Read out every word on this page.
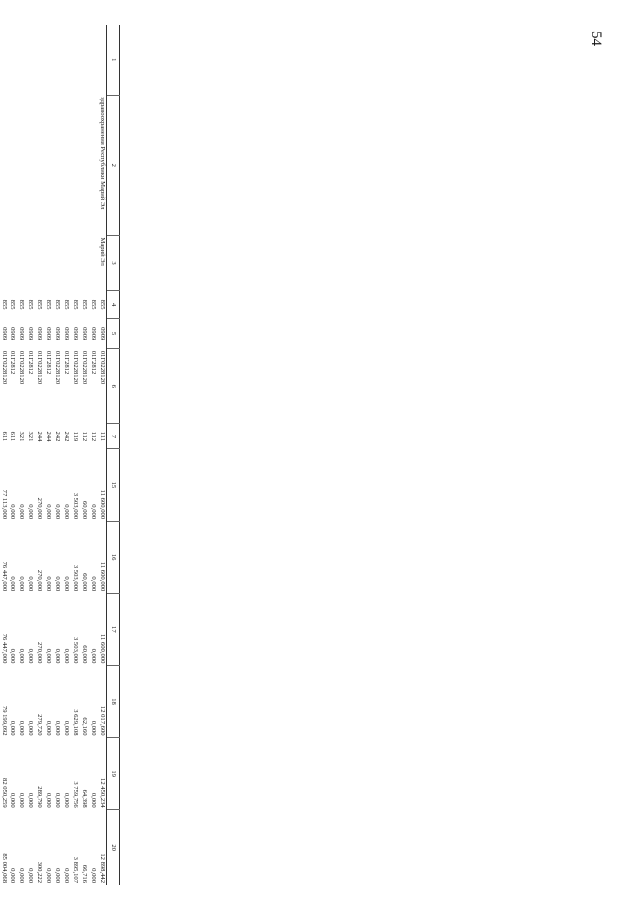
54
1	2	3	4	5	6	7	15	16	17	18	19	20
	здравоохранения Республики Марий Эл	Марий Эл	855	0909	01Г0228120	111	11 600,000	11 600,000	11 600,000	12 017,600	12 450,234	12 898,442
			855	0909	01Г2812	112	0,000	0,000	0,000	0,000	0,000	0,000
			855	0909	01Г0228120	112	60,000	60,000	60,000	62,160	64,398	66,716
			855	0909	01Г0228120	119	3 503,000	3 503,000	3 503,000	3 629,108	3 759,756	3 895,107
			855	0909	01Г2812	242	0,000	0,000	0,000	0,000	0,000	0,000
			855	0909	01Г0228120	242	0,000	0,000	0,000	0,000	0,000	0,000
			855	0909	01Г2812	244	0,000	0,000	0,000	0,000	0,000	0,000
			855	0909	01Г0228120	244	270,000	270,000	270,000	279,720	289,790	300,222
			855	0909	01Г2812	321	0,000	0,000	0,000	0,000	0,000	0,000
			855	0909	01Г0228120	321	0,000	0,000	0,000	0,000	0,000	0,000
			855	0909	01Г2812	611	0,000	0,000	0,000	0,000	0,000	0,000
			855	0909	01Г0228120	611	77 113,000	76 447,000	76 447,000	79 199,092	82 050,259	85 004,068
